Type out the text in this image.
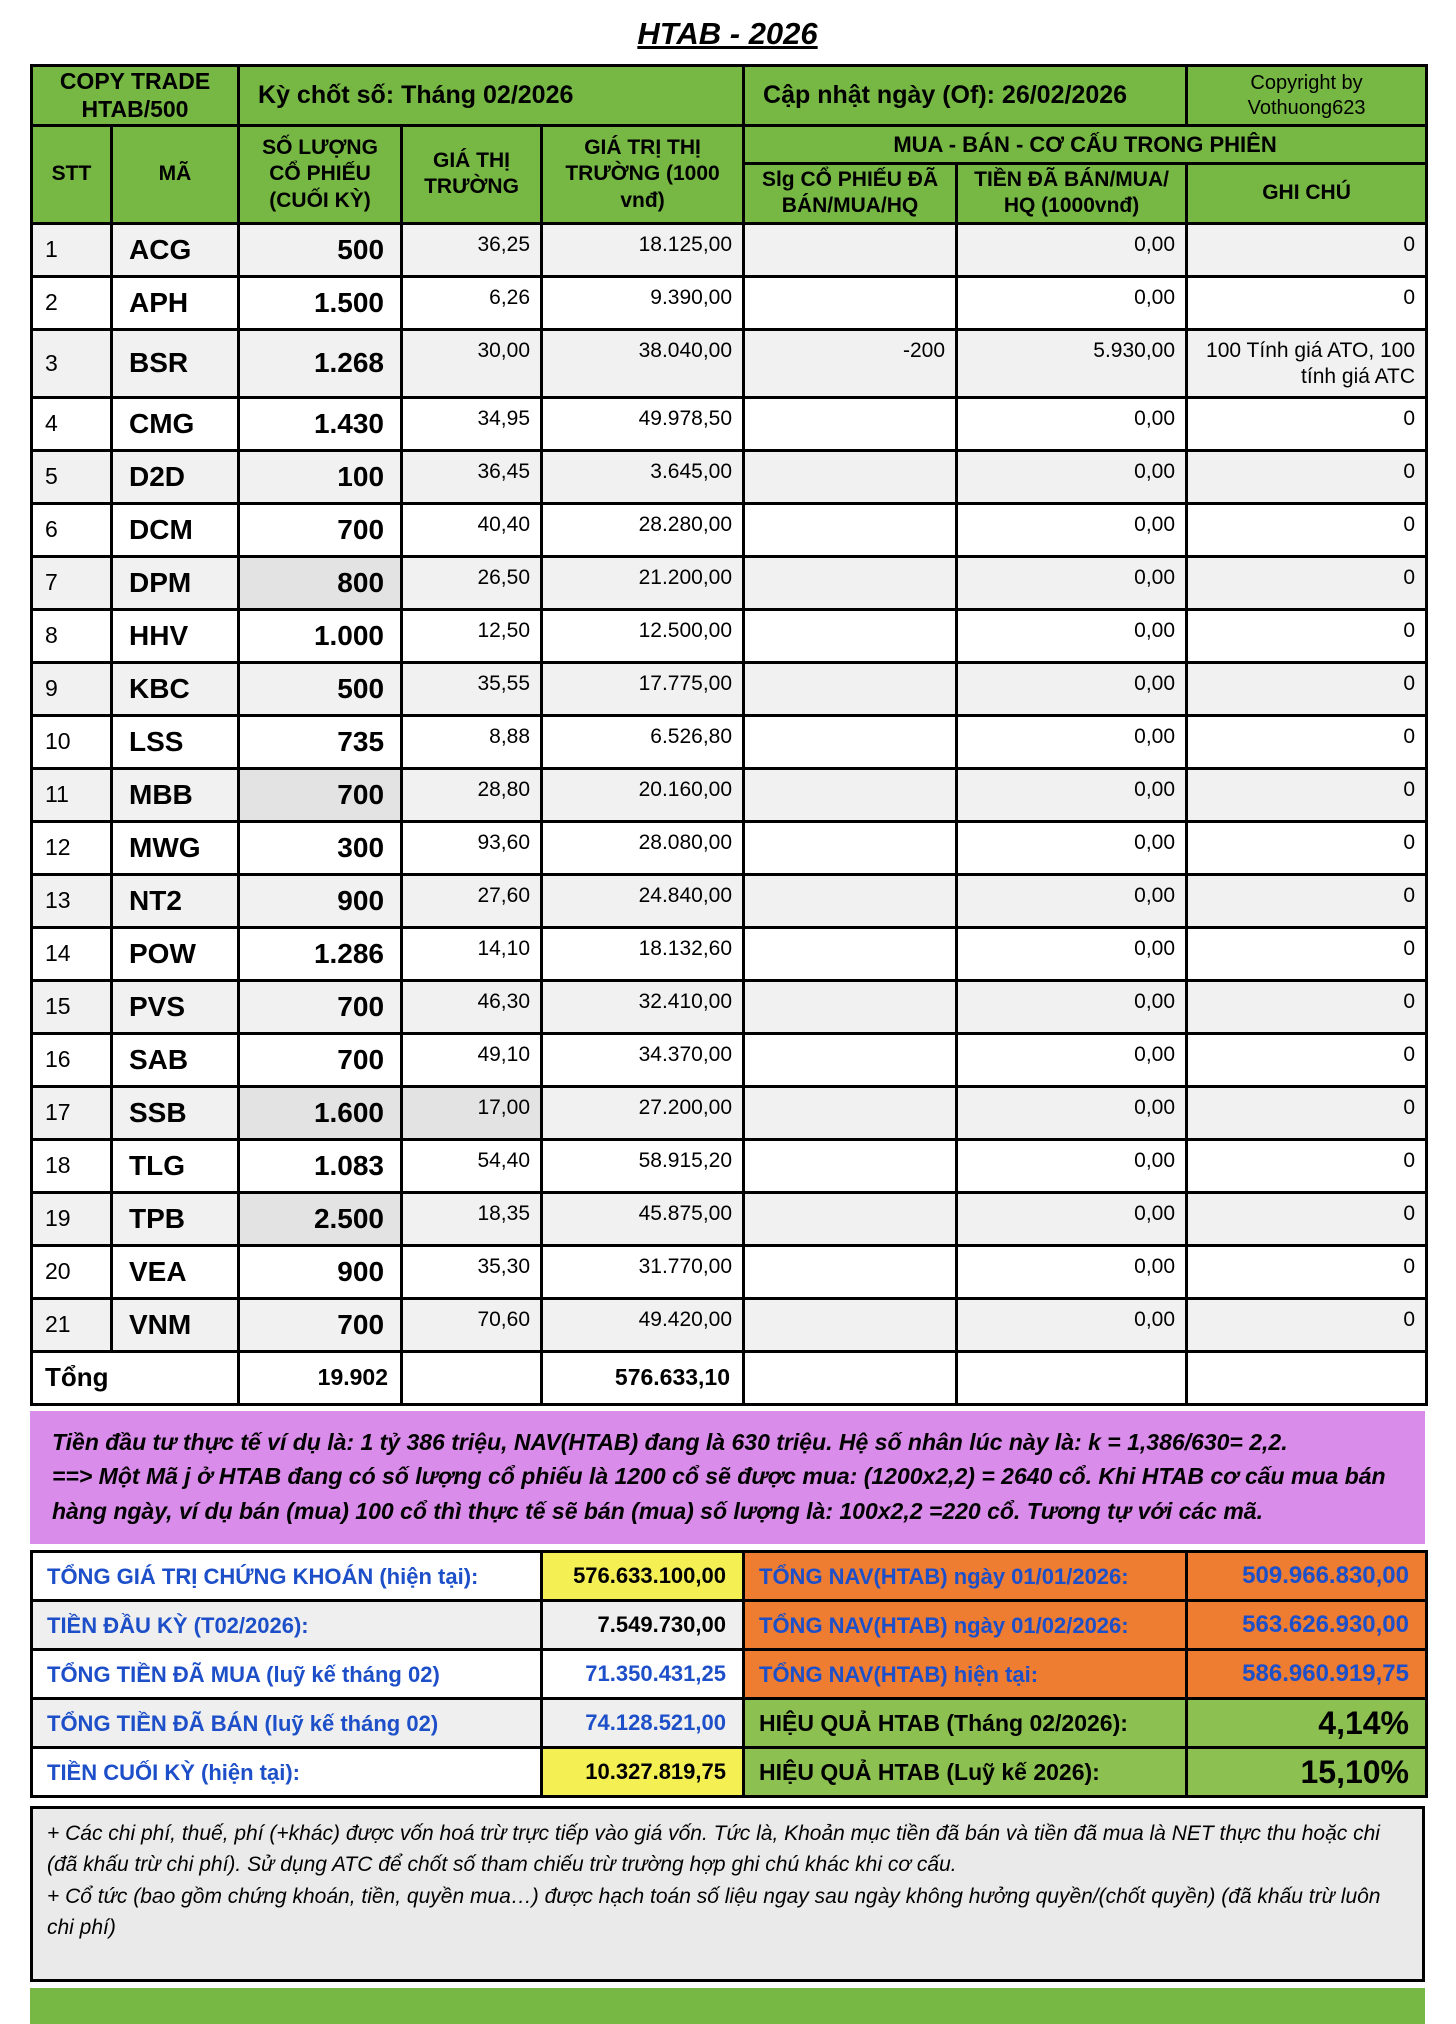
HTAB - 2026
COPY TRADE HTAB/500		Kỳ chốt số: Tháng 02/2026			Cập nhật ngày (Of): 26/02/2026		Copyright by Vothuong623
STT	MÃ	SỐ LƯỢNG CỔ PHIẾU (CUỐI KỲ)	GIÁ THỊ TRƯỜNG	GIÁ TRỊ THỊ TRƯỜNG (1000 vnđ)	MUA - BÁN - CƠ CẤU TRONG PHIÊN		
					Slg CỔ PHIẾU ĐÃ BÁN/MUA/HQ	TIỀN ĐÃ BÁN/MUA/ HQ (1000vnđ)	GHI CHÚ
1	ACG	500	36,25	18.125,00		0,00	0
2	APH	1.500	6,26	9.390,00		0,00	0
3	BSR	1.268	30,00	38.040,00	-200	5.930,00	100 Tính giá ATO, 100 tính giá ATC
4	CMG	1.430	34,95	49.978,50		0,00	0
5	D2D	100	36,45	3.645,00		0,00	0
6	DCM	700	40,40	28.280,00		0,00	0
7	DPM	800	26,50	21.200,00		0,00	0
8	HHV	1.000	12,50	12.500,00		0,00	0
9	KBC	500	35,55	17.775,00		0,00	0
10	LSS	735	8,88	6.526,80		0,00	0
11	MBB	700	28,80	20.160,00		0,00	0
12	MWG	300	93,60	28.080,00		0,00	0
13	NT2	900	27,60	24.840,00		0,00	0
14	POW	1.286	14,10	18.132,60		0,00	0
15	PVS	700	46,30	32.410,00		0,00	0
16	SAB	700	49,10	34.370,00		0,00	0
17	SSB	1.600	17,00	27.200,00		0,00	0
18	TLG	1.083	54,40	58.915,20		0,00	0
19	TPB	2.500	18,35	45.875,00		0,00	0
20	VEA	900	35,30	31.770,00		0,00	0
21	VNM	700	70,60	49.420,00		0,00	0
Tổng		19.902		576.633,10			

Tiền đầu tư thực tế ví dụ là: 1 tỷ 386 triệu, NAV(HTAB) đang là 630 triệu. Hệ số nhân lúc này là: k = 1,386/630= 2,2.

==> Một Mã j ở HTAB đang có số lượng cổ phiếu là 1200 cổ sẽ được mua: (1200x2,2) = 2640 cổ. Khi HTAB cơ cấu mua bán hàng ngày, ví dụ bán (mua) 100 cổ thì thực tế sẽ bán (mua) số lượng là: 100x2,2 =220 cổ. Tương tự với các mã.

TỔNG GIÁ TRỊ CHỨNG KHOÁN (hiện tại):	576.633.100,00	TỔNG NAV(HTAB) ngày 01/01/2026:	509.966.830,00
TIỀN ĐẦU KỲ (T02/2026):	7.549.730,00	TỔNG NAV(HTAB) ngày 01/02/2026:	563.626.930,00
TỔNG TIỀN ĐÃ MUA (luỹ kế tháng 02)	71.350.431,25	TỔNG NAV(HTAB) hiện tại:	586.960.919,75
TỔNG TIỀN ĐÃ BÁN (luỹ kế tháng 02)	74.128.521,00	HIỆU QUẢ HTAB (Tháng 02/2026):	4,14%
TIỀN CUỐI KỲ (hiện tại):	10.327.819,75	HIỆU QUẢ HTAB (Luỹ kế 2026):	15,10%

+ Các chi phí, thuế, phí (+khác) được vốn hoá trừ trực tiếp vào giá vốn. Tức là, Khoản mục tiền đã bán và tiền đã mua là NET thực thu hoặc chi (đã khấu trừ chi phí). Sử dụng ATC để chốt số tham chiếu trừ trường hợp ghi chú khác khi cơ cấu.

+ Cổ tức (bao gồm chứng khoán, tiền, quyền mua…) được hạch toán số liệu ngay sau ngày không hưởng quyền/(chốt quyền) (đã khấu trừ luôn chi phí)
